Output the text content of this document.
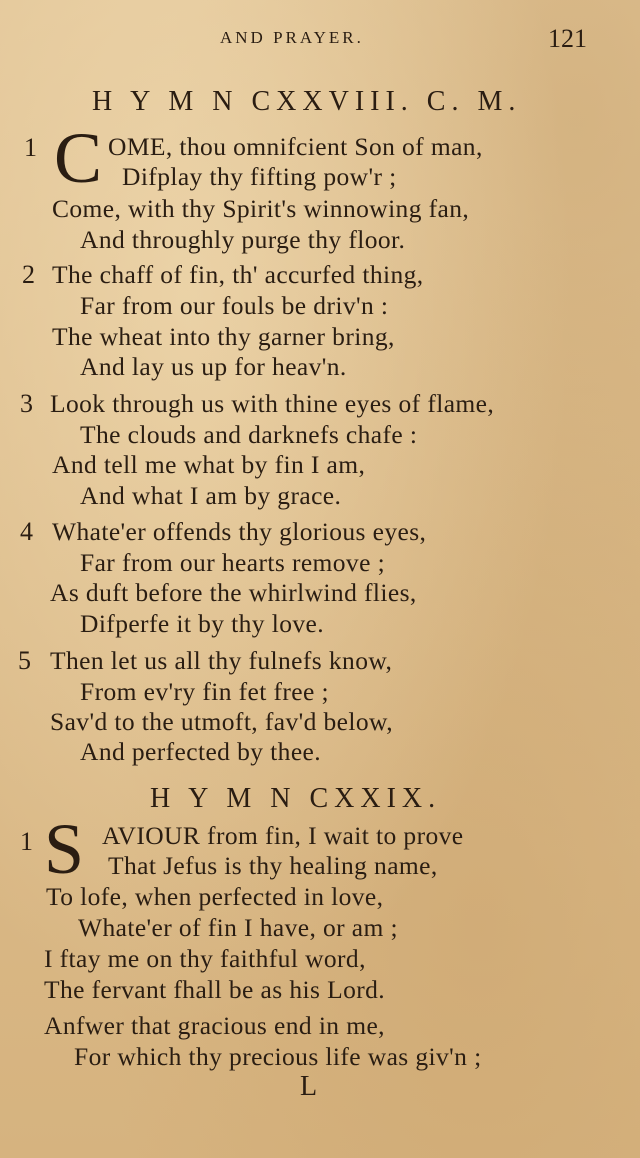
AND PRAYER.	121
H Y M N CXXVIII. C. M.
1 C OME, thou omnifcient Son of man,
Difplay thy fifting pow'r ;
Come, with thy Spirit's winnowing fan,
And throughly purge thy floor.
2 The chaff of fin, th' accurfed thing,
Far from our fouls be driv'n :
The wheat into thy garner bring,
And lay us up for heav'n.
3 Look through us with thine eyes of flame,
The clouds and darknefs chafe :
And tell me what by fin I am,
And what I am by grace.
4 Whate'er offends thy glorious eyes,
Far from our hearts remove ;
As duft before the whirlwind flies,
Difperfe it by thy love.
5 Then let us all thy fulnefs know,
From ev'ry fin fet free ;
Sav'd to the utmoft, fav'd below,
And perfected by thee.
H Y M N CXXIX.
1 S AVIOUR from fin, I wait to prove
That Jefus is thy healing name,
To lofe, when perfected in love,
Whate'er of fin I have, or am ;
I ftay me on thy faithful word,
The fervant fhall be as his Lord.
Anfwer that gracious end in me,
For which thy precious life was giv'n ;
L
